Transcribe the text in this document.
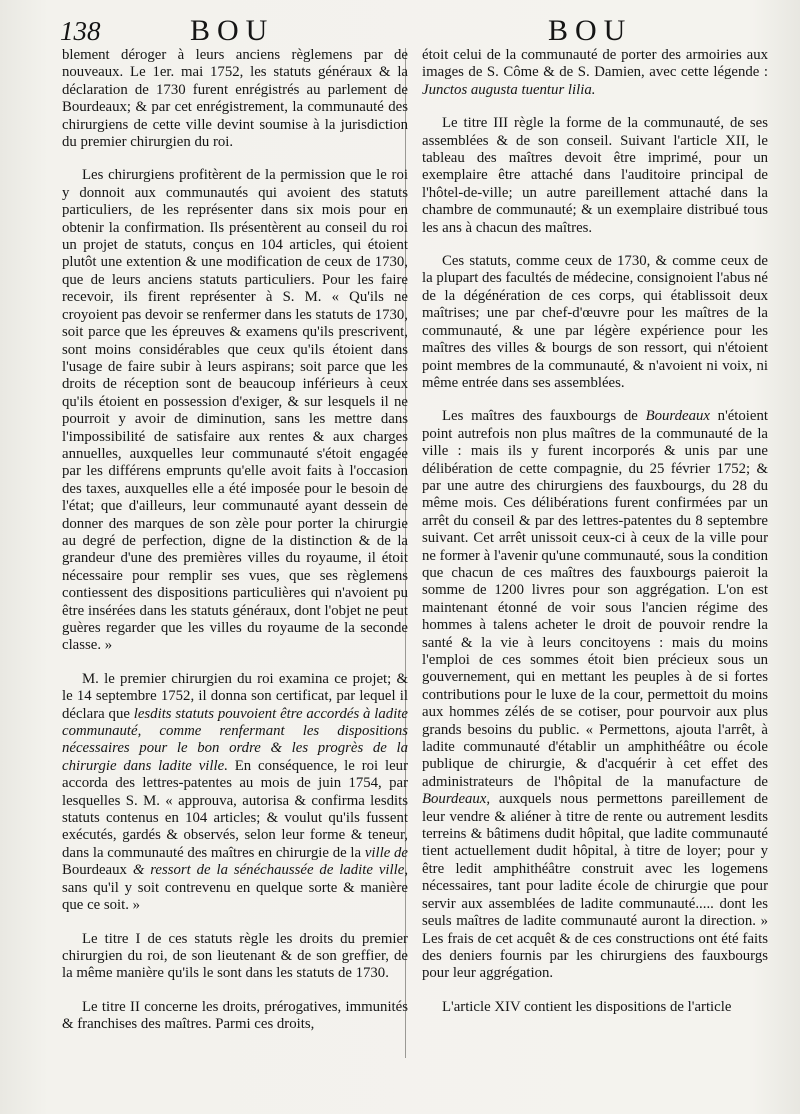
138	BOU	BOU

blement déroger à leurs anciens règlemens par de nouveaux. Le 1er. mai 1752, les statuts généraux & la déclaration de 1730 furent enrégistrés au parlement de Bourdeaux; & par cet enrégistrement, la communauté des chirurgiens de cette ville devint soumise à la jurisdiction du premier chirurgien du roi.

Les chirurgiens profitèrent de la permission que le roi y donnoit aux communautés qui avoient des statuts particuliers, de les représenter dans six mois pour en obtenir la confirmation. Ils présentèrent au conseil du roi un projet de statuts, conçus en 104 articles, qui étoient plutôt une extention & une modification de ceux de 1730, que de leurs anciens statuts particuliers. Pour les faire recevoir, ils firent représenter à S. M. « Qu'ils ne croyoient pas devoir se renfermer dans les statuts de 1730, soit parce que les épreuves & examens qu'ils prescrivent, sont moins considérables que ceux qu'ils étoient dans l'usage de faire subir à leurs aspirans; soit parce que les droits de réception sont de beaucoup inférieurs à ceux qu'ils étoient en possession d'exiger, & sur lesquels il ne pourroit y avoir de diminution, sans les mettre dans l'impossibilité de satisfaire aux rentes & aux charges annuelles, auxquelles leur communauté s'étoit engagée par les différens emprunts qu'elle avoit faits à l'occasion des taxes, auxquelles elle a été imposée pour le besoin de l'état; que d'ailleurs, leur communauté ayant dessein de donner des marques de son zèle pour porter la chirurgie au degré de perfection, digne de la distinction & de la grandeur d'une des premières villes du royaume, il étoit nécessaire pour remplir ses vues, que ses règlemens contiessent des dispositions particulières qui n'avoient pu être insérées dans les statuts généraux, dont l'objet ne peut guères regarder que les villes du royaume de la seconde classe. »

M. le premier chirurgien du roi examina ce projet; & le 14 septembre 1752, il donna son certificat, par lequel il déclara que lesdits statuts pouvoient être accordés à ladite communauté, comme renfermant les dispositions nécessaires pour le bon ordre & les progrès de la chirurgie dans ladite ville. En conséquence, le roi leur accorda des lettres-patentes au mois de juin 1754, par lesquelles S. M. « approuva, autorisa & confirma lesdits statuts contenus en 104 articles; & voulut qu'ils fussent exécutés, gardés & observés, selon leur forme & teneur, dans la communauté des maîtres en chirurgie de la ville de Bourdeaux & ressort de la sénéchaussée de ladite ville, sans qu'il y soit contrevenu en quelque sorte & manière que ce soit. »

Le titre I de ces statuts règle les droits du premier chirurgien du roi, de son lieutenant & de son greffier, de la même manière qu'ils le sont dans les statuts de 1730.

Le titre II concerne les droits, prérogatives, immunités & franchises des maîtres. Parmi ces droits,

étoit celui de la communauté de porter des armoiries aux images de S. Côme & de S. Damien, avec cette légende : Junctos augusta tuentur lilia.

Le titre III règle la forme de la communauté, de ses assemblées & de son conseil. Suivant l'article XII, le tableau des maîtres devoit être imprimé, pour un exemplaire être attaché dans l'auditoire principal de l'hôtel-de-ville; un autre pareillement attaché dans la chambre de communauté; & un exemplaire distribué tous les ans à chacun des maîtres.

Ces statuts, comme ceux de 1730, & comme ceux de la plupart des facultés de médecine, consignoient l'abus né de la dégénération de ces corps, qui établissoit deux maîtrises; une par chef-d'œuvre pour les maîtres de la communauté, & une par légère expérience pour les maîtres des villes & bourgs de son ressort, qui n'étoient point membres de la communauté, & n'avoient ni voix, ni même entrée dans ses assemblées.

Les maîtres des fauxbourgs de Bourdeaux n'étoient point autrefois non plus maîtres de la communauté de la ville : mais ils y furent incorporés & unis par une délibération de cette compagnie, du 25 février 1752; & par une autre des chirurgiens des fauxbourgs, du 28 du même mois. Ces délibérations furent confirmées par un arrêt du conseil & par des lettres-patentes du 8 septembre suivant. Cet arrêt unissoit ceux-ci à ceux de la ville pour ne former à l'avenir qu'une communauté, sous la condition que chacun de ces maîtres des fauxbourgs paieroit la somme de 1200 livres pour son aggrégation. L'on est maintenant étonné de voir sous l'ancien régime des hommes à talens acheter le droit de pouvoir rendre la santé & la vie à leurs concitoyens : mais du moins l'emploi de ces sommes étoit bien précieux sous un gouvernement, qui en mettant les peuples à de si fortes contributions pour le luxe de la cour, permettoit du moins aux hommes zélés de se cotiser, pour pourvoir aux plus grands besoins du public. « Permettons, ajouta l'arrêt, à ladite communauté d'établir un amphithéâtre ou école publique de chirurgie, & d'acquérir à cet effet des administrateurs de l'hôpital de la manufacture de Bourdeaux, auxquels nous permettons pareillement de leur vendre & aliéner à titre de rente ou autrement lesdits terreins & bâtimens dudit hôpital, que ladite communauté tient actuellement dudit hôpital, à titre de loyer; pour y être ledit amphithéâtre construit avec les logemens nécessaires, tant pour ladite école de chirurgie que pour servir aux assemblées de ladite communauté..... dont les seuls maîtres de ladite communauté auront la direction. » Les frais de cet acquêt & de ces constructions ont été faits des deniers fournis par les chirurgiens des fauxbourgs pour leur aggrégation.

L'article XIV contient les dispositions de l'article
